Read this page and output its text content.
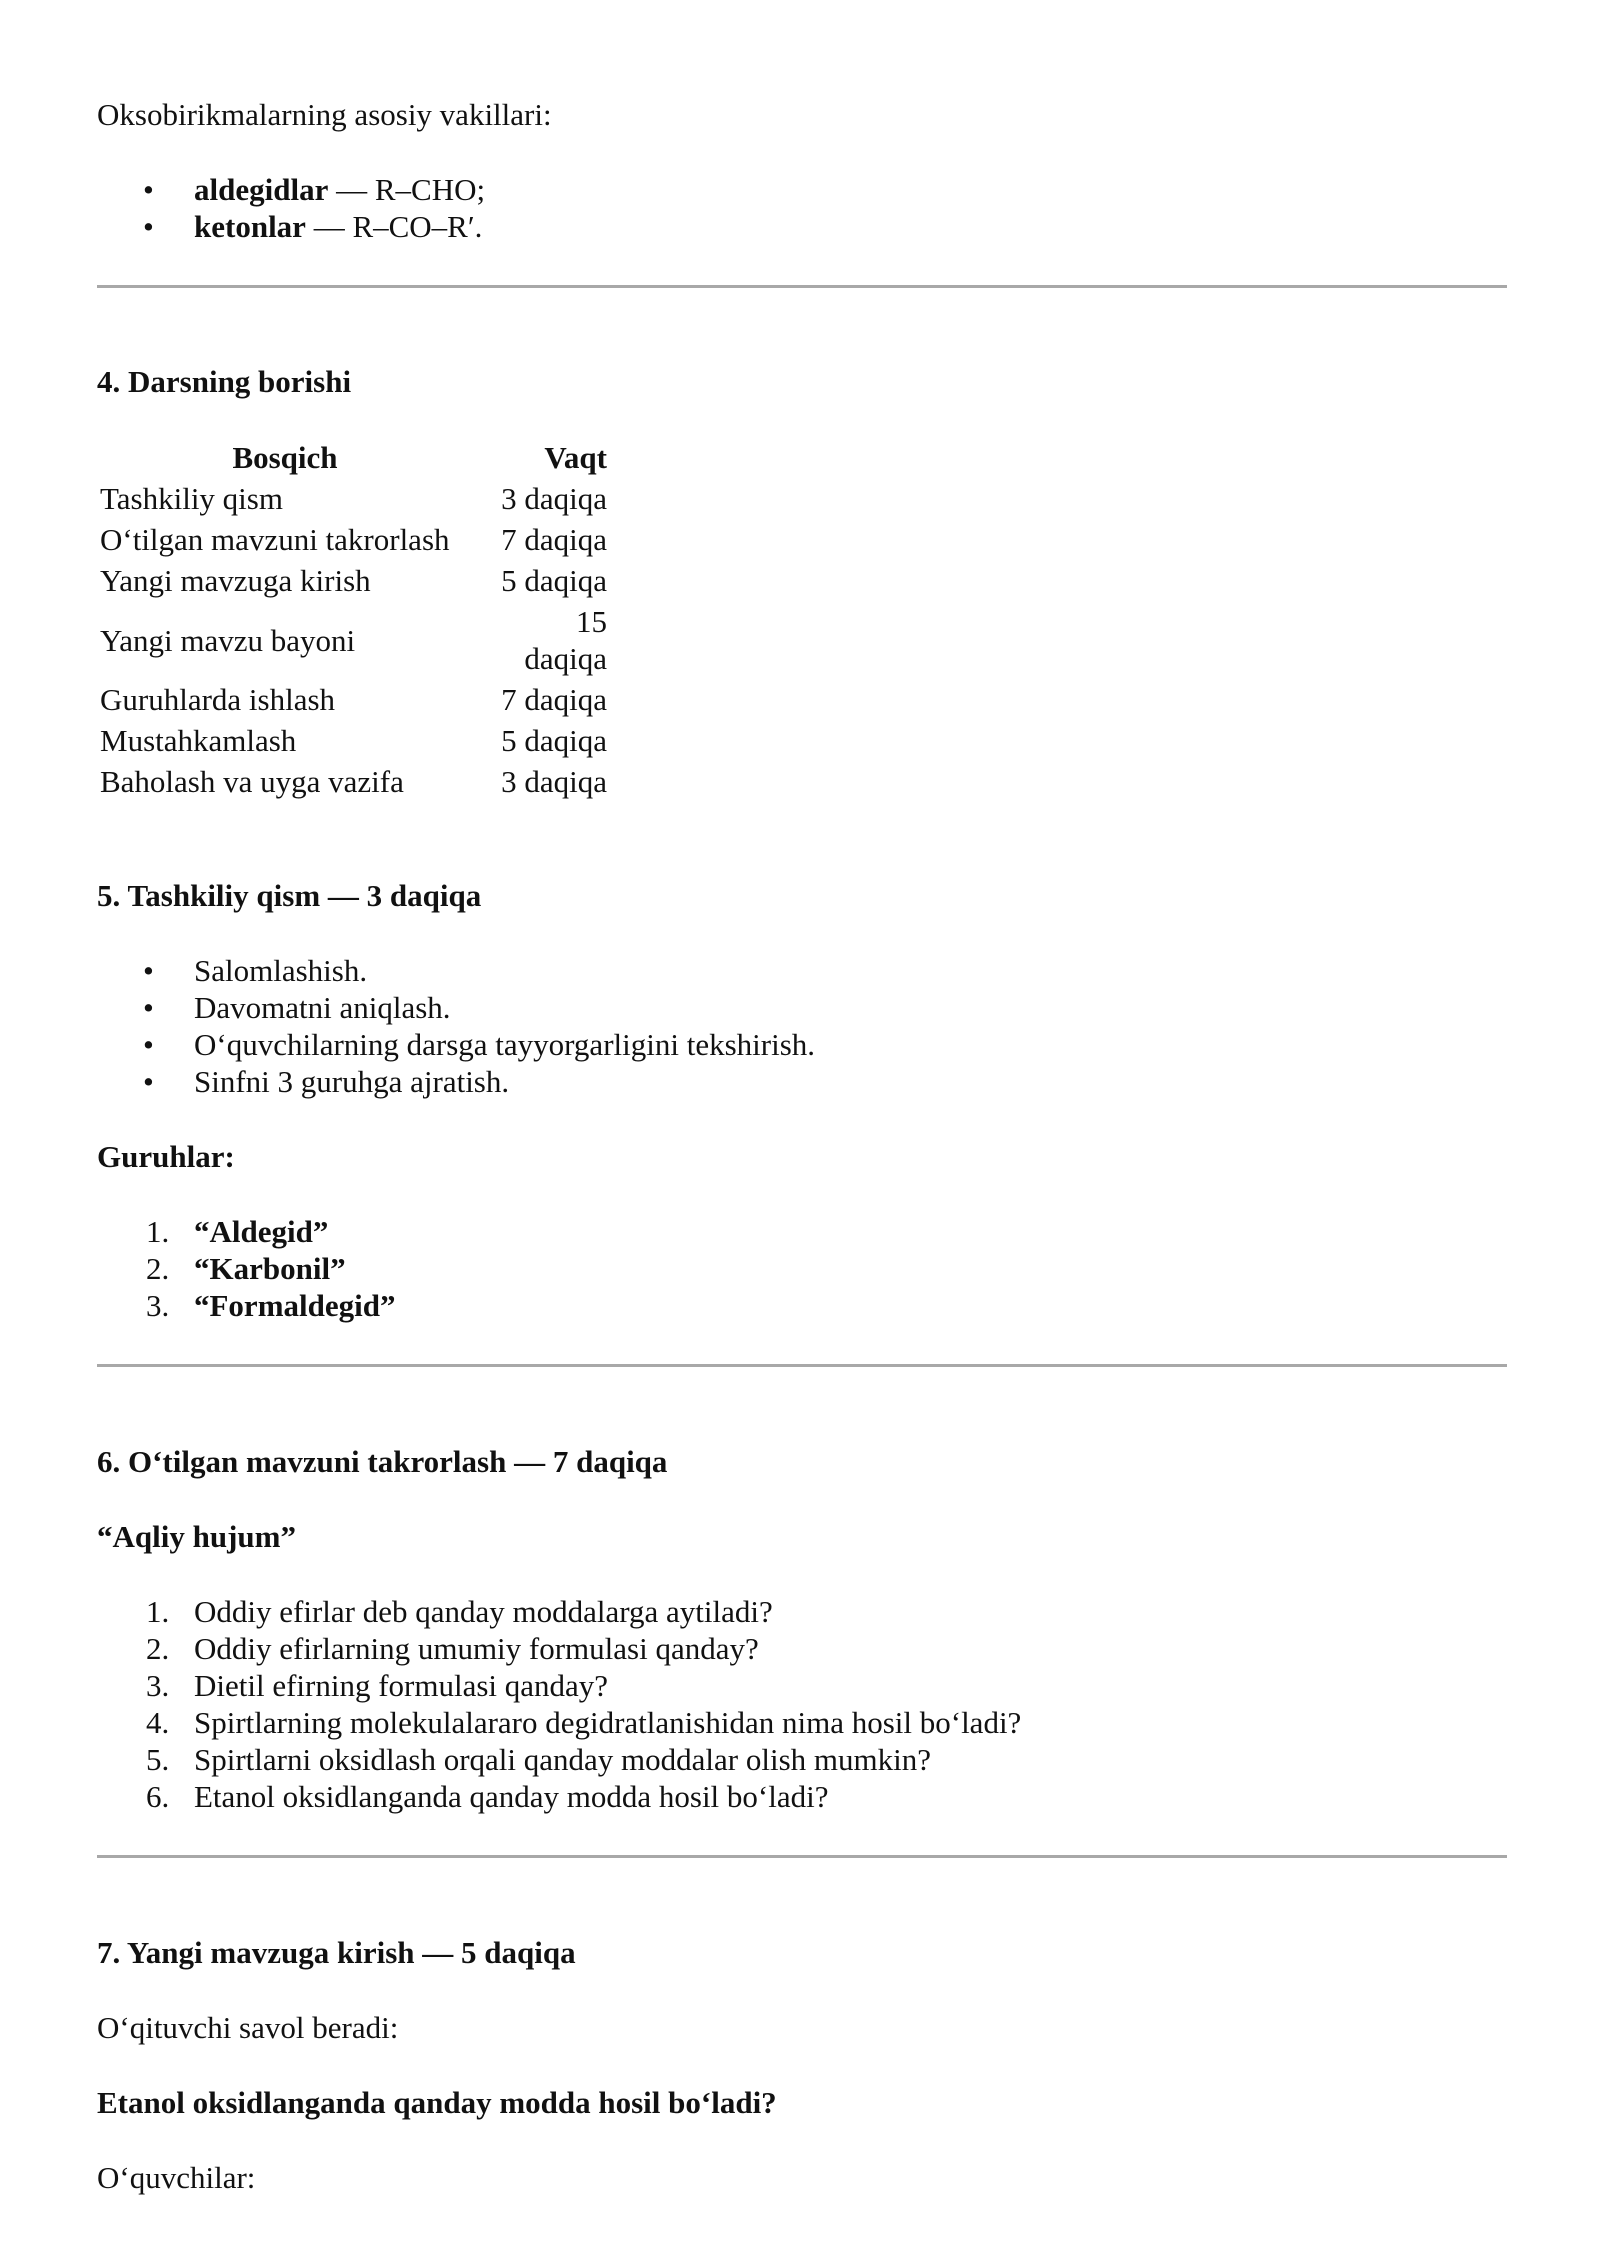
Oksobirikmalarning asosiy vakillari:

• aldegidlar — R–CHO;
• ketonlar — R–CO–R′.

4. Darsning borishi

Bosqich	Vaqt
Tashkiliy qism	3 daqiqa
O‘tilgan mavzuni takrorlash	7 daqiqa
Yangi mavzuga kirish	5 daqiqa
Yangi mavzu bayoni	15 daqiqa
Guruhlarda ishlash	7 daqiqa
Mustahkamlash	5 daqiqa
Baholash va uyga vazifa	3 daqiqa

5. Tashkiliy qism — 3 daqiqa

• Salomlashish.
• Davomatni aniqlash.
• O‘quvchilarning darsga tayyorgarligini tekshirish.
• Sinfni 3 guruhga ajratish.

Guruhlar:

1. “Aldegid”
2. “Karbonil”
3. “Formaldegid”

6. O‘tilgan mavzuni takrorlash — 7 daqiqa

“Aqliy hujum”

1. Oddiy efirlar deb qanday moddalarga aytiladi?
2. Oddiy efirlarning umumiy formulasi qanday?
3. Dietil efirning formulasi qanday?
4. Spirtlarning molekulalararo degidratlanishidan nima hosil bo‘ladi?
5. Spirtlarni oksidlash orqali qanday moddalar olish mumkin?
6. Etanol oksidlanganda qanday modda hosil bo‘ladi?

7. Yangi mavzuga kirish — 5 daqiqa

O‘qituvchi savol beradi:

Etanol oksidlanganda qanday modda hosil bo‘ladi?

O‘quvchilar:
